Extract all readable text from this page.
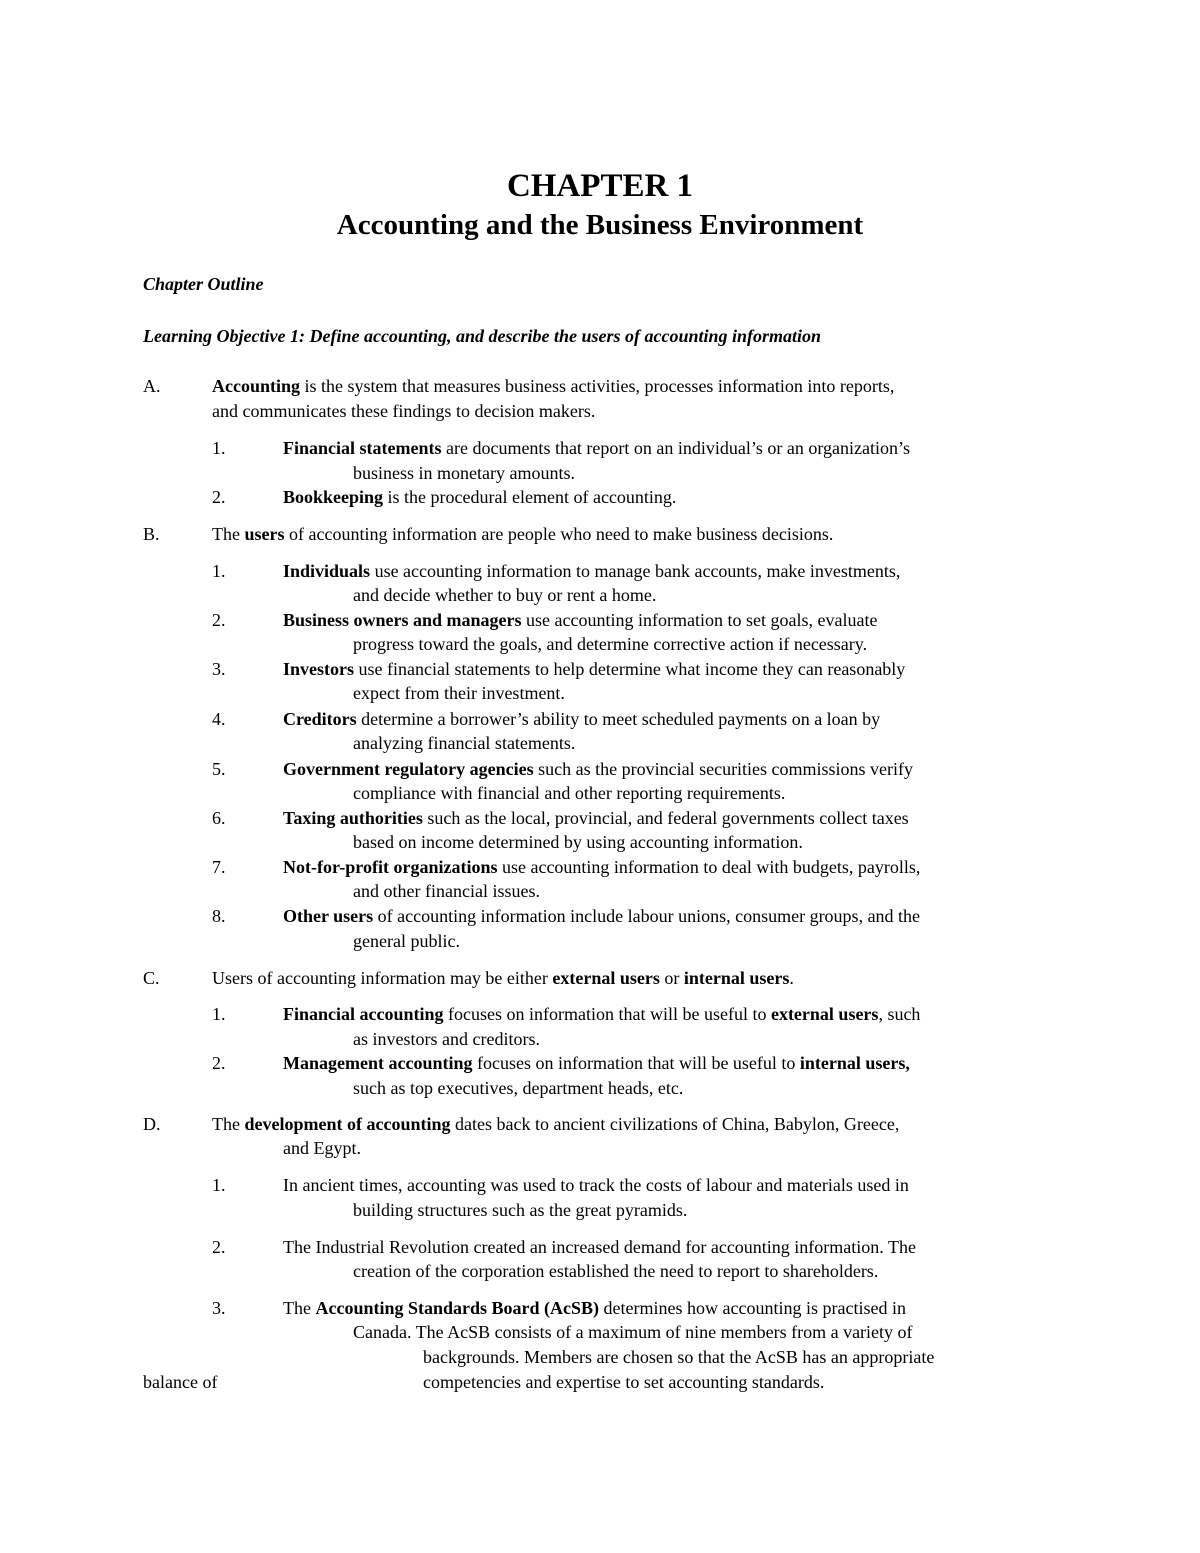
CHAPTER 1
Accounting and the Business Environment

Chapter Outline

Learning Objective 1: Define accounting, and describe the users of accounting information

A.	Accounting is the system that measures business activities, processes information into reports,

and communicates these findings to decision makers.

1.	Financial statements are documents that report on an individual’s or an organization’s

business in monetary amounts.

2.	Bookkeeping is the procedural element of accounting.

B.	The users of accounting information are people who need to make business decisions.

1.	Individuals use accounting information to manage bank accounts, make investments,

and decide whether to buy or rent a home.

2.	Business owners and managers use accounting information to set goals, evaluate

progress toward the goals, and determine corrective action if necessary.

3.	Investors use financial statements to help determine what income they can reasonably

expect from their investment.

4.	Creditors determine a borrower’s ability to meet scheduled payments on a loan by

analyzing financial statements.

5.	Government regulatory agencies such as the provincial securities commissions verify

compliance with financial and other reporting requirements.

6.	Taxing authorities such as the local, provincial, and federal governments collect taxes

based on income determined by using accounting information.

7.	Not-for-profit organizations use accounting information to deal with budgets, payrolls,

and other financial issues.

8.	Other users of accounting information include labour unions, consumer groups, and the

general public.

C.	Users of accounting information may be either external users or internal users.

1.	Financial accounting focuses on information that will be useful to external users, such

as investors and creditors.

2.	Management accounting focuses on information that will be useful to internal users,

such as top executives, department heads, etc.

D.	The development of accounting dates back to ancient civilizations of China, Babylon, Greece,

and Egypt.

1.	In ancient times, accounting was used to track the costs of labour and materials used in

building structures such as the great pyramids.

2.	The Industrial Revolution created an increased demand for accounting information. The

creation of the corporation established the need to report to shareholders.

3.	The Accounting Standards Board (AcSB) determines how accounting is practised in

Canada. The AcSB consists of a maximum of nine members from a variety of

backgrounds. Members are chosen so that the AcSB has an appropriate

balance of	competencies and expertise to set accounting standards.
